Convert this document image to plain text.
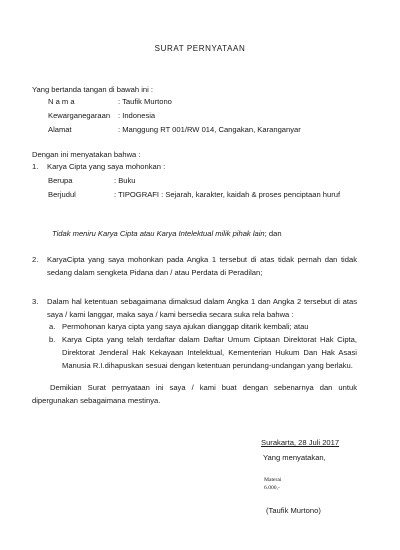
SURAT PERNYATAAN
Yang bertanda tangan di bawah ini :
N a m a	: Taufik Murtono
Kewarganegaraan : Indonesia
Alamat	: Manggung RT 001/RW 014, Cangakan, Karanganyar
Dengan ini menyatakan bahwa :
1. Karya Cipta yang saya mohonkan :
Berupa	: Buku
Berjudul	: TIPOGRAFI : Sejarah, karakter, kaidah & proses penciptaan huruf
Tidak meniru Karya Cipta atau Karya Intelektual milik pihak lain; dan
2. KaryaCipta yang saya mohonkan pada Angka 1 tersebut di atas tidak pernah dan tidak sedang dalam sengketa Pidana dan / atau Perdata di Peradilan;
3. Dalam hal ketentuan sebagaimana dimaksud dalam Angka 1 dan Angka 2 tersebut di atas saya / kami langgar, maka saya / kami bersedia secara suka rela bahwa :
a. Permohonan karya cipta yang saya ajukan dianggap ditarik kembali; atau
b. Karya Cipta yang telah terdaftar dalam Daftar Umum Ciptaan Direktorat Hak Cipta, Direktorat Jenderal Hak Kekayaan Intelektual, Kementerian Hukum Dan Hak Asasi Manusia R.I.dihapuskan sesuai dengan ketentuan perundang-undangan yang berlaku.
Demikian Surat pernyataan ini saya / kami buat dengan sebenarnya dan untuk dipergunakan sebagaimana mestinya.
Surakarta, 28 Juli 2017
Yang menyatakan,
Materai
6.000,-
(Taufik Murtono)
